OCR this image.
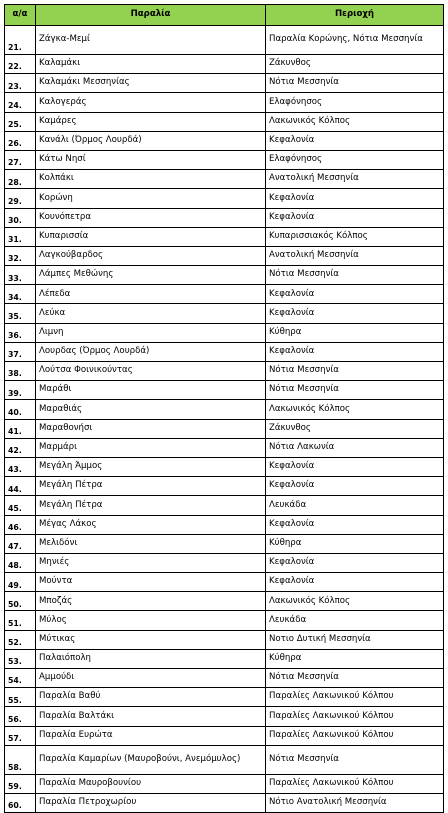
α/α	Παραλία	Περιοχή
21.	Ζάγκα-Μεμί	Παραλία Κορώνης, Νότια Μεσσηνία
22.	Καλαμάκι	Ζάκυνθος
23.	Καλαμάκι Μεσσηνίας	Νότια Μεσσηνία
24.	Καλογεράς	Ελαφόνησος
25.	Καμάρες	Λακωνικός Κόλπος
26.	Κανάλι (Όρμος Λουρδά)	Κεφαλονία
27.	Κάτω Νησί	Ελαφόνησος
28.	Κολπάκι	Ανατολική Μεσσηνία
29.	Κορώνη	Κεφαλονία
30.	Κουνόπετρα	Κεφαλονία
31.	Κυπαρισσία	Κυπαρισσιακός Κόλπος
32.	Λαγκούβαρδος	Ανατολική Μεσσηνία
33.	Λάμπες Μεθώνης	Νότια Μεσσηνία
34.	Λέπεδα	Κεφαλονία
35.	Λεύκα	Κεφαλονία
36.	Λιμνη	Κύθηρα
37.	Λουρδας (Όρμος Λουρδά)	Κεφαλονία
38.	Λούτσα Φοινικούντας	Νότια Μεσσηνία
39.	Μαράθι	Νότια Μεσσηνία
40.	Μαραθιάς	Λακωνικός Κόλπος
41.	Μαραθονήσι	Ζάκυνθος
42.	Μαρμάρι	Νότια Λακωνία
43.	Μεγάλη Άμμος	Κεφαλονία
44.	Μεγάλη Πέτρα	Κεφαλονία
45.	Μεγάλη Πέτρα	Λευκάδα
46.	Μέγας Λάκος	Κεφαλονία
47.	Μελιδόνι	Κύθηρα
48.	Μηνιές	Κεφαλονία
49.	Μούντα	Κεφαλονία
50.	Μποζάς	Λακωνικός Κόλπος
51.	Μύλος	Λευκάδα
52.	Μύτικας	Νοτιο Δυτική Μεσσηνία
53.	Παλαιόπολη	Κύθηρα
54.	Αμμούδι	Νότια Μεσσηνία
55.	Παραλία Βαθύ	Παραλίες Λακωνικού Κόλπου
56.	Παραλία Βαλτάκι	Παραλίες Λακωνικού Κόλπου
57.	Παραλία Ευρώτα	Παραλίες Λακωνικού Κόλπου
58.	Παραλία Καμαρίων (Μαυροβούνι, Ανεμόμυλος)	Νότια Μεσσηνία
59.	Παραλία Μαυροβουνίου	Παραλίες Λακωνικού Κόλπου
60.	Παραλία Πετροχωρίου	Νότιο Ανατολική Μεσσηνία
